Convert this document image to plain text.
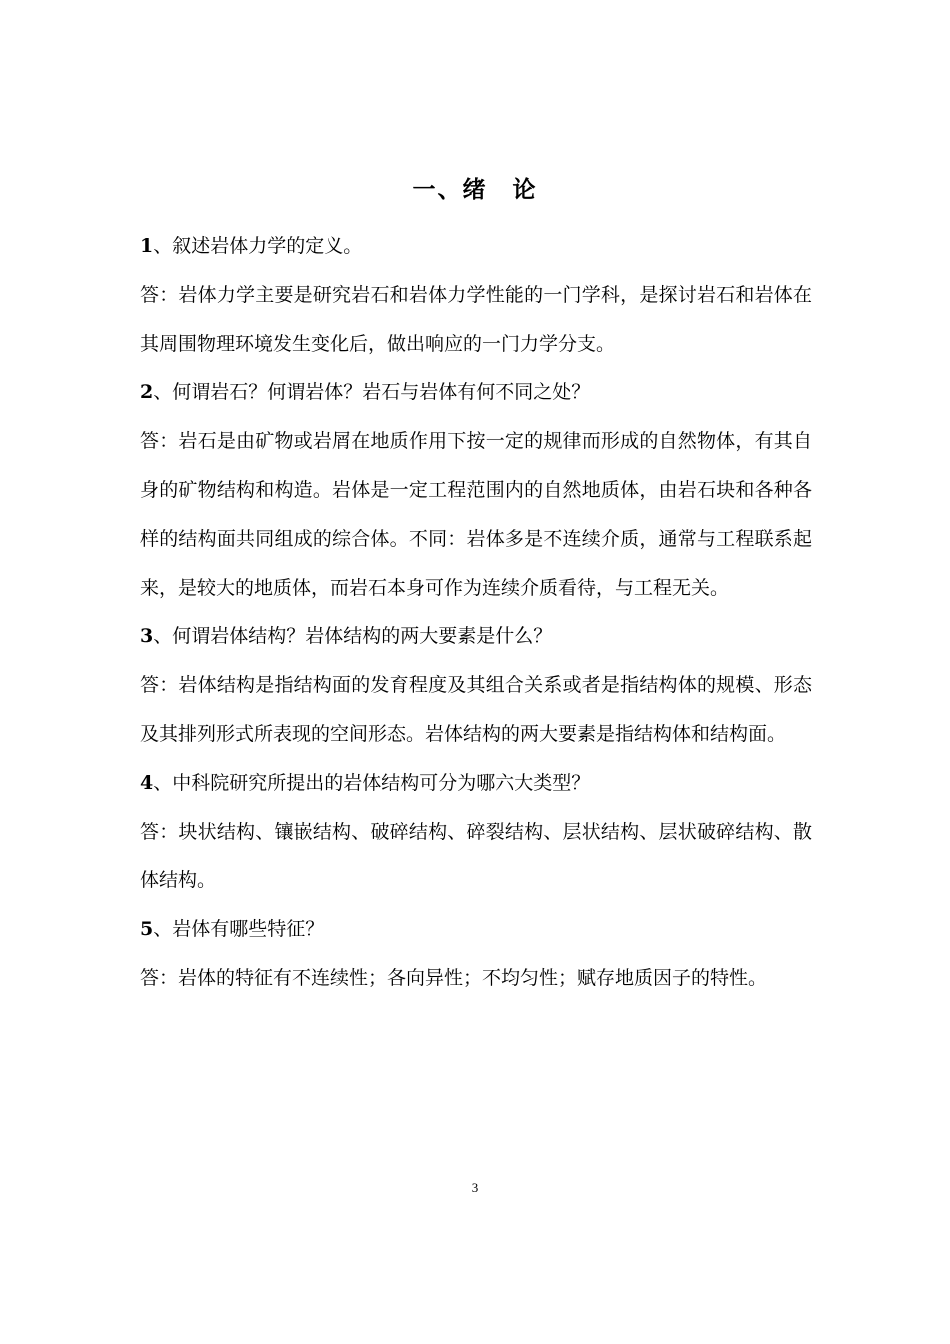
一、绪　论

1、叙述岩体力学的定义。

答：岩体力学主要是研究岩石和岩体力学性能的一门学科，是探讨岩石和岩体在其周围物理环境发生变化后，做出响应的一门力学分支。

2、何谓岩石？何谓岩体？岩石与岩体有何不同之处？

答：岩石是由矿物或岩屑在地质作用下按一定的规律而形成的自然物体，有其自身的矿物结构和构造。岩体是一定工程范围内的自然地质体，由岩石块和各种各样的结构面共同组成的综合体。不同：岩体多是不连续介质，通常与工程联系起来，是较大的地质体，而岩石本身可作为连续介质看待，与工程无关。

3、何谓岩体结构？岩体结构的两大要素是什么？

答：岩体结构是指结构面的发育程度及其组合关系或者是指结构体的规模、形态及其排列形式所表现的空间形态。岩体结构的两大要素是指结构体和结构面。

4、中科院研究所提出的岩体结构可分为哪六大类型？

答：块状结构、镶嵌结构、破碎结构、碎裂结构、层状结构、层状破碎结构、散体结构。

5、岩体有哪些特征？

答：岩体的特征有不连续性；各向异性；不均匀性；赋存地质因子的特性。

3
